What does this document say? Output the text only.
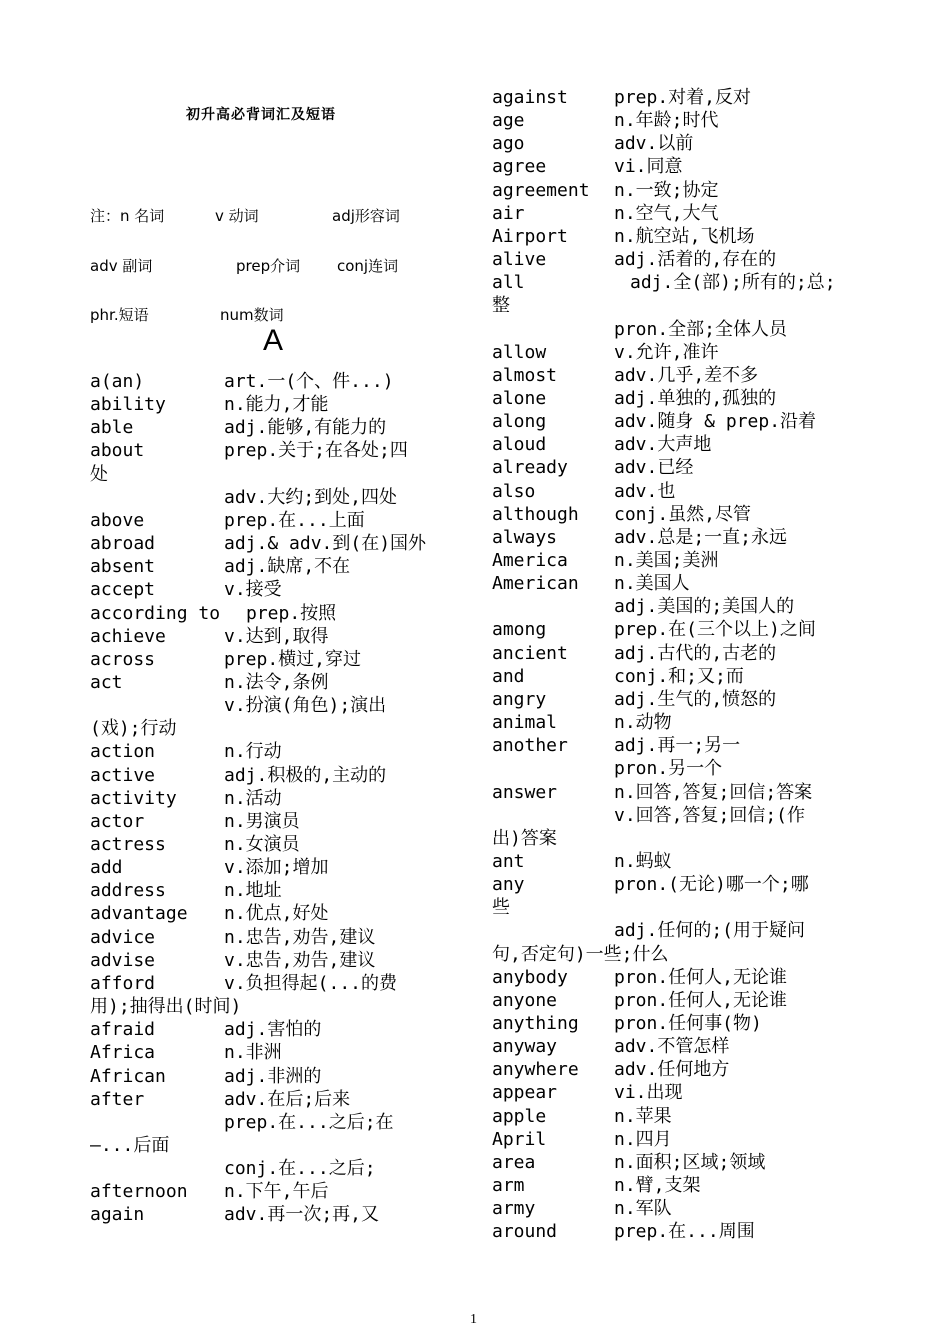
初升高必背词汇及短语
注：n 名词	v 动词	adj形容词
adv 副词	prep介词 conj连词
phr.短语	num数词
A
a(an)	art.一(个、件...)
ability	n.能力,才能
able	adj.能够,有能力的
about	prep.关于;在各处;四
处
adv.大约;到处,四处
above	prep.在...上面
abroad	adj.& adv.到(在)国外
absent	adj.缺席,不在
accept	v.接受
according to prep.按照
achieve	v.达到,取得
across	prep.横过,穿过
act	n.法令,条例
v.扮演(角色);演出
(戏);行动
action	n.行动
active	adj.积极的,主动的
activity	n.活动
actor	n.男演员
actress	n.女演员
add	v.添加;增加
address	n.地址
advantage n.优点,好处
advice	n.忠告,劝告,建议
advise	v.忠告,劝告,建议
afford	v.负担得起(...的费
用);抽得出(时间)
afraid	adj.害怕的
Africa	n.非洲
African	adj.非洲的
after	adv.在后;后来
prep.在...之后;在
—...后面
conj.在...之后;
afternoon n.下午,午后
again	adv.再一次;再,又
against	prep.对着,反对
age	n.年龄;时代
ago	adv.以前
agree	vi.同意
agreement n.一致;协定
air	n.空气,大气
Airport	n.航空站,飞机场
alive	adj.活着的,存在的
all	adj.全(部);所有的;总;
整
pron.全部;全体人员
allow	v.允许,准许
almost	adv.几乎,差不多
alone	adj.单独的,孤独的
along	adv.随身 & prep.沿着
aloud	adv.大声地
already	adv.已经
also	adv.也
although conj.虽然,尽管
always	adv.总是;一直;永远
America	n.美国;美洲
American n.美国人
adj.美国的;美国人的
among	prep.在(三个以上)之间
ancient	adj.古代的,古老的
and	conj.和;又;而
angry	adj.生气的,愤怒的
animal	n.动物
another	adj.再一;另一
pron.另一个
answer	n.回答,答复;回信;答案
v.回答,答复;回信;(作
出)答案
ant	n.蚂蚁
any	pron.(无论)哪一个;哪
些
adj.任何的;(用于疑问
句,否定句)一些;什么
anybody	pron.任何人,无论谁
anyone	pron.任何人,无论谁
anything pron.任何事(物)
anyway	adv.不管怎样
anywhere adv.任何地方
appear	vi.出现
apple	n.苹果
April	n.四月
area	n.面积;区域;领域
arm	n.臂,支架
army	n.军队
around	prep.在...周围
1
